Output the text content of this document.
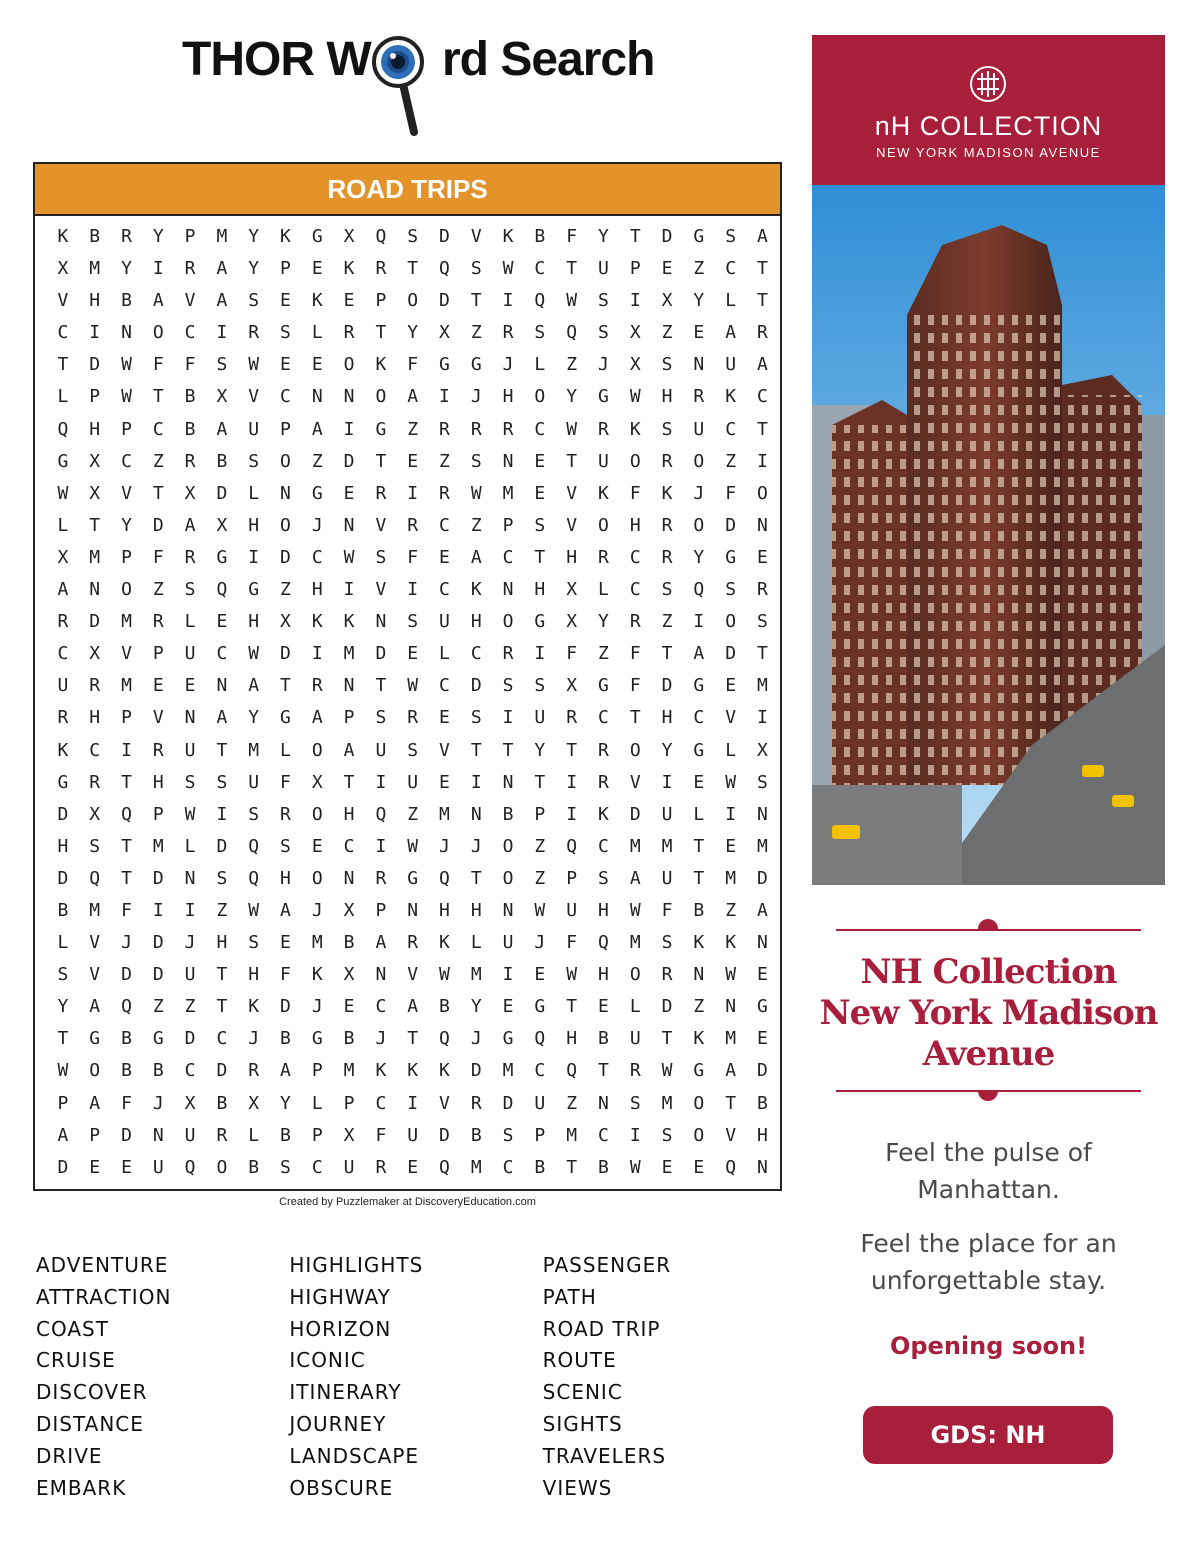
THOR W rd Search
ROAD TRIPS
K	B	R	Y	P	M	Y	K	G	X	Q	S	D	V	K	B	F	Y	T	D	G	S	A
X	M	Y	I	R	A	Y	P	E	K	R	T	Q	S	W	C	T	U	P	E	Z	C	T
V	H	B	A	V	A	S	E	K	E	P	O	D	T	I	Q	W	S	I	X	Y	L	T
C	I	N	O	C	I	R	S	L	R	T	Y	X	Z	R	S	Q	S	X	Z	E	A	R
T	D	W	F	F	S	W	E	E	O	K	F	G	G	J	L	Z	J	X	S	N	U	A
L	P	W	T	B	X	V	C	N	N	O	A	I	J	H	O	Y	G	W	H	R	K	C
Q	H	P	C	B	A	U	P	A	I	G	Z	R	R	R	C	W	R	K	S	U	C	T
G	X	C	Z	R	B	S	O	Z	D	T	E	Z	S	N	E	T	U	O	R	O	Z	I
W	X	V	T	X	D	L	N	G	E	R	I	R	W	M	E	V	K	F	K	J	F	O
L	T	Y	D	A	X	H	O	J	N	V	R	C	Z	P	S	V	O	H	R	O	D	N
X	M	P	F	R	G	I	D	C	W	S	F	E	A	C	T	H	R	C	R	Y	G	E
A	N	O	Z	S	Q	G	Z	H	I	V	I	C	K	N	H	X	L	C	S	Q	S	R
R	D	M	R	L	E	H	X	K	K	N	S	U	H	O	G	X	Y	R	Z	I	O	S
C	X	V	P	U	C	W	D	I	M	D	E	L	C	R	I	F	Z	F	T	A	D	T
U	R	M	E	E	N	A	T	R	N	T	W	C	D	S	S	X	G	F	D	G	E	M
R	H	P	V	N	A	Y	G	A	P	S	R	E	S	I	U	R	C	T	H	C	V	I
K	C	I	R	U	T	M	L	O	A	U	S	V	T	T	Y	T	R	O	Y	G	L	X
G	R	T	H	S	S	U	F	X	T	I	U	E	I	N	T	I	R	V	I	E	W	S
D	X	Q	P	W	I	S	R	O	H	Q	Z	M	N	B	P	I	K	D	U	L	I	N
H	S	T	M	L	D	Q	S	E	C	I	W	J	J	O	Z	Q	C	M	M	T	E	M
D	Q	T	D	N	S	Q	H	O	N	R	G	Q	T	O	Z	P	S	A	U	T	M	D
B	M	F	I	I	Z	W	A	J	X	P	N	H	H	N	W	U	H	W	F	B	Z	A
L	V	J	D	J	H	S	E	M	B	A	R	K	L	U	J	F	Q	M	S	K	K	N
S	V	D	D	U	T	H	F	K	X	N	V	W	M	I	E	W	H	O	R	N	W	E
Y	A	Q	Z	Z	T	K	D	J	E	C	A	B	Y	E	G	T	E	L	D	Z	N	G
T	G	B	G	D	C	J	B	G	B	J	T	Q	J	G	Q	H	B	U	T	K	M	E
W	O	B	B	C	D	R	A	P	M	K	K	K	D	M	C	Q	T	R	W	G	A	D
P	A	F	J	X	B	X	Y	L	P	C	I	V	R	D	U	Z	N	S	M	O	T	B
A	P	D	N	U	R	L	B	P	X	F	U	D	B	S	P	M	C	I	S	O	V	H
D	E	E	U	Q	O	B	S	C	U	R	E	Q	M	C	B	T	B	W	E	E	Q	N
Created by Puzzlemaker at DiscoveryEducation.com
ADVENTURE
ATTRACTION
COAST
CRUISE
DISCOVER
DISTANCE
DRIVE
EMBARK
HIGHLIGHTS
HIGHWAY
HORIZON
ICONIC
ITINERARY
JOURNEY
LANDSCAPE
OBSCURE
PASSENGER
PATH
ROAD TRIP
ROUTE
SCENIC
SIGHTS
TRAVELERS
VIEWS
nH COLLECTION
NEW YORK MADISON AVENUE
NH Collection
New York Madison
Avenue
Feel the pulse of
Manhattan.
Feel the place for an
unforgettable stay.
Opening soon!
GDS: NH
